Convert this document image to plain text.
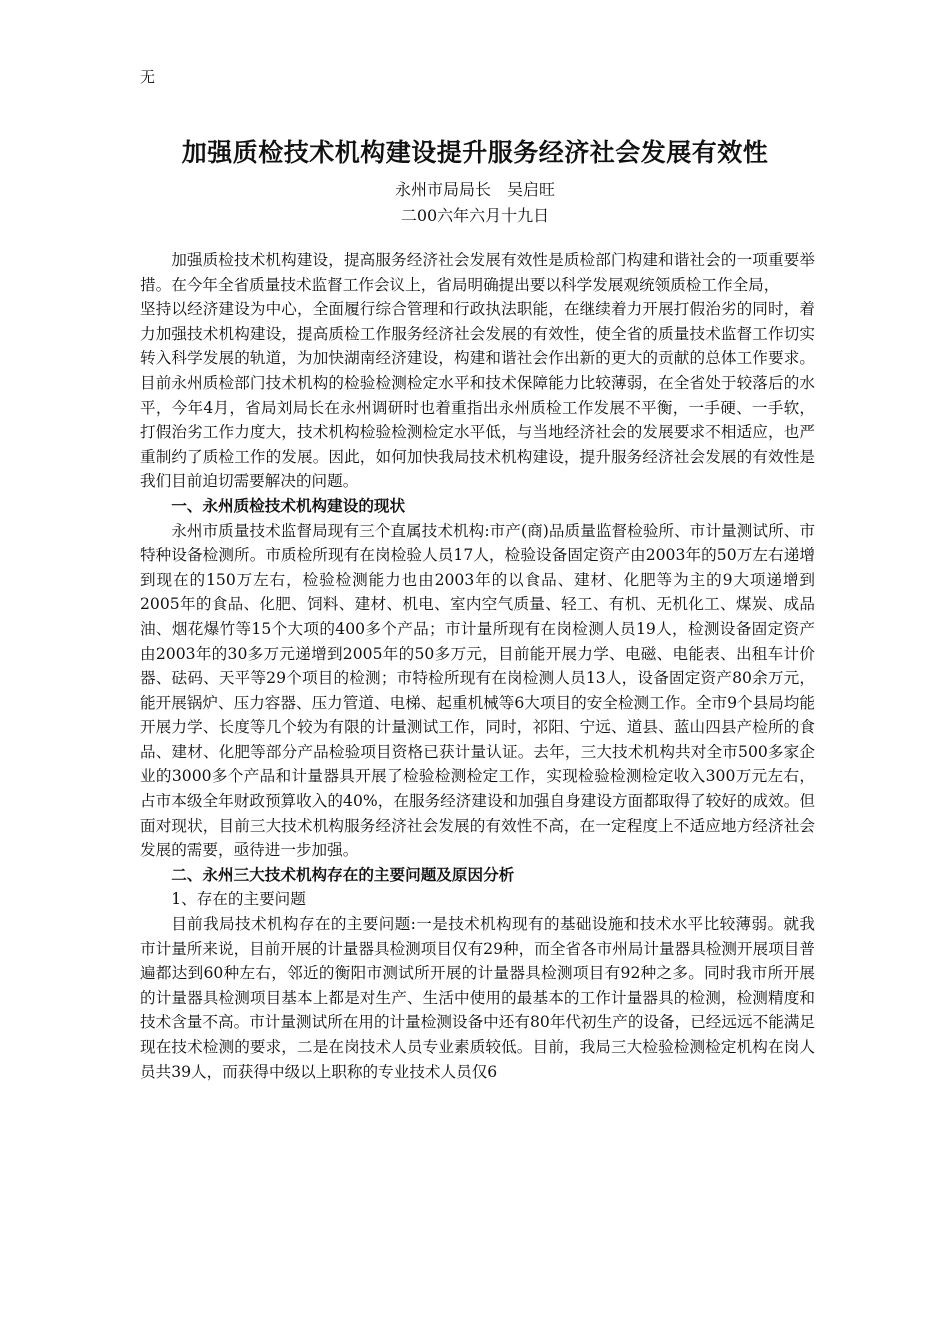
无
加强质检技术机构建设提升服务经济社会发展有效性
永州市局局长　吴启旺
二00六年六月十九日

加强质检技术机构建设，提高服务经济社会发展有效性是质检部门构建和谐社会的一项重要举措。在今年全省质量技术监督工作会议上，省局明确提出要以科学发展观统领质检工作全局，

坚持以经济建设为中心，全面履行综合管理和行政执法职能，在继续着力开展打假治劣的同时，着力加强技术机构建设，提高质检工作服务经济社会发展的有效性，使全省的质量技术监督工作切实转入科学发展的轨道，为加快湖南经济建设，构建和谐社会作出新的更大的贡献的总体工作要求。目前永州质检部门技术机构的检验检测检定水平和技术保障能力比较薄弱，在全省处于较落后的水平，今年4月，省局刘局长在永州调研时也着重指出永州质检工作发展不平衡，一手硬、一手软，打假治劣工作力度大，技术机构检验检测检定水平低，与当地经济社会的发展要求不相适应，也严重制约了质检工作的发展。因此，如何加快我局技术机构建设，提升服务经济社会发展的有效性是我们目前迫切需要解决的问题。

一、永州质检技术机构建设的现状

永州市质量技术监督局现有三个直属技术机构:市产(商)品质量监督检验所、市计量测试所、市特种设备检测所。市质检所现有在岗检验人员17人，检验设备固定资产由2003年的50万左右递增到现在的150万左右，检验检测能力也由2003年的以食品、建材、化肥等为主的9大项递增到2005年的食品、化肥、饲料、建材、机电、室内空气质量、轻工、有机、无机化工、煤炭、成品油、烟花爆竹等15个大项的400多个产品；市计量所现有在岗检测人员19人，检测设备固定资产由2003年的30多万元递增到2005年的50多万元，目前能开展力学、电磁、电能表、出租车计价器、砝码、天平等29个项目的检测；市特检所现有在岗检测人员13人，设备固定资产80余万元，能开展锅炉、压力容器、压力管道、电梯、起重机械等6大项目的安全检测工作。全市9个县局均能开展力学、长度等几个较为有限的计量测试工作，同时，祁阳、宁远、道县、蓝山四县产检所的食品、建材、化肥等部分产品检验项目资格已获计量认证。去年，三大技术机构共对全市500多家企业的3000多个产品和计量器具开展了检验检测检定工作，实现检验检测检定收入300万元左右，占市本级全年财政预算收入的40%，在服务经济建设和加强自身建设方面都取得了较好的成效。但面对现状，目前三大技术机构服务经济社会发展的有效性不高，在一定程度上不适应地方经济社会发展的需要，亟待进一步加强。

二、永州三大技术机构存在的主要问题及原因分析

1、存在的主要问题

目前我局技术机构存在的主要问题:一是技术机构现有的基础设施和技术水平比较薄弱。就我市计量所来说，目前开展的计量器具检测项目仅有29种，而全省各市州局计量器具检测开展项目普遍都达到60种左右，邻近的衡阳市测试所开展的计量器具检测项目有92种之多。同时我市所开展的计量器具检测项目基本上都是对生产、生活中使用的最基本的工作计量器具的检测，检测精度和技术含量不高。市计量测试所在用的计量检测设备中还有80年代初生产的设备，已经远远不能满足现在技术检测的要求，二是在岗技术人员专业素质较低。目前，我局三大检验检测检定机构在岗人员共39人，而获得中级以上职称的专业技术人员仅6
